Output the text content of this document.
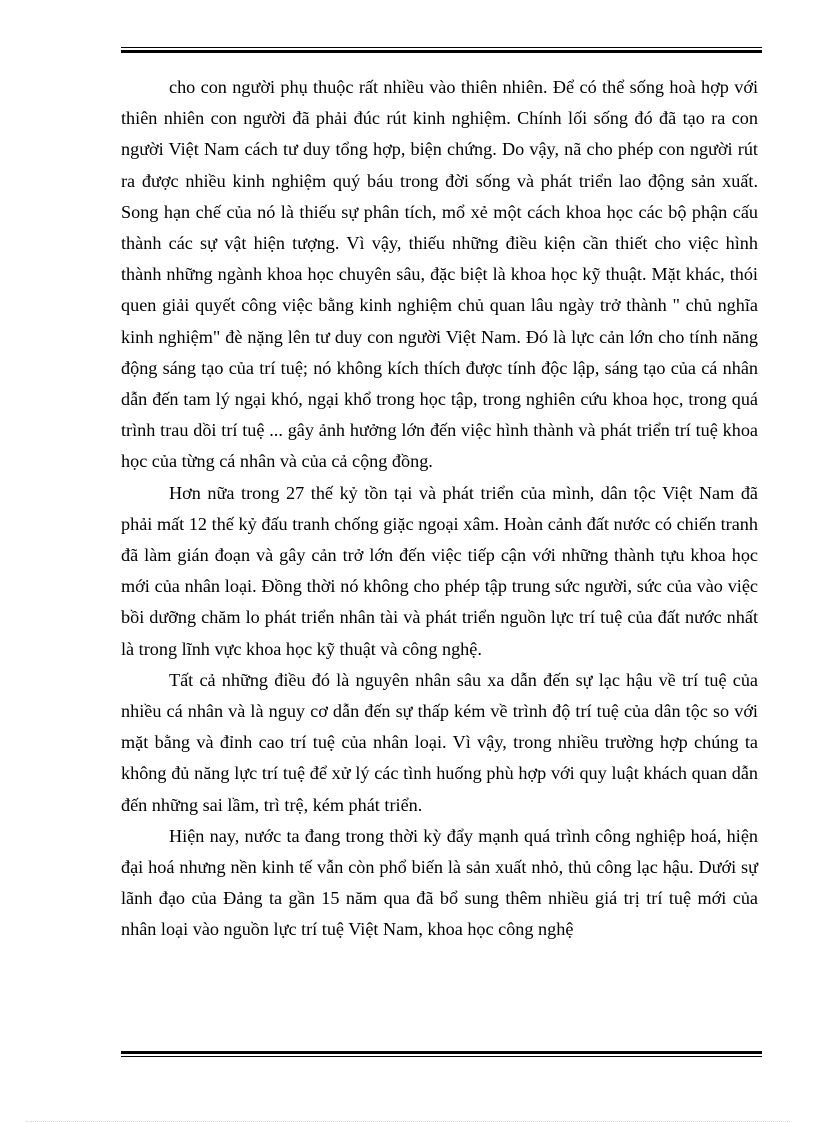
cho con người phụ thuộc rất nhiều vào thiên nhiên. Để có thể sống hoà hợp với thiên nhiên con người đã phải đúc rút kinh nghiệm. Chính lối sống đó đã tạo ra con người Việt Nam cách tư duy tổng hợp, biện chứng. Do vậy, nã cho phép con người rút ra được nhiều kinh nghiệm quý báu trong đời sống và phát triển lao động sản xuất. Song hạn chế của nó là thiếu sự phân tích, mổ xẻ một cách khoa học các bộ phận cấu thành các sự vật hiện tượng. Vì vậy, thiếu những điều kiện cần thiết cho việc hình thành những ngành khoa học chuyên sâu, đặc biệt là khoa học kỹ thuật. Mặt khác, thói quen giải quyết công việc bằng kinh nghiệm chủ quan lâu ngày trở thành " chủ nghĩa kinh nghiệm" đè nặng lên tư duy con người Việt Nam. Đó là lực cản lớn cho tính năng động sáng tạo của trí tuệ; nó không kích thích được tính độc lập, sáng tạo của cá nhân dẫn đến tam lý ngại khó, ngại khổ trong học tập, trong nghiên cứu khoa học, trong quá trình trau dồi trí tuệ ... gây ảnh hưởng lớn đến việc hình thành và phát triển trí tuệ khoa học của từng cá nhân và của cả cộng đồng.

Hơn nữa trong 27 thế kỷ tồn tại và phát triển của mình, dân tộc Việt Nam đã phải mất 12 thế kỷ đấu tranh chống giặc ngoại xâm. Hoàn cảnh đất nước có chiến tranh đã làm gián đoạn và gây cản trở lớn đến việc tiếp cận với những thành tựu khoa học mới của nhân loại. Đồng thời nó không cho phép tập trung sức người, sức của vào việc bồi dưỡng chăm lo phát triển nhân tài và phát triển nguồn lực trí tuệ của đất nước nhất là trong lĩnh vực khoa học kỹ thuật và công nghệ.

Tất cả những điều đó là nguyên nhân sâu xa dẫn đến sự lạc hậu về trí tuệ của nhiều cá nhân và là nguy cơ dẫn đến sự thấp kém về trình độ trí tuệ của dân tộc so với mặt bằng và đỉnh cao trí tuệ của nhân loại. Vì vậy, trong nhiều trường hợp chúng ta không đủ năng lực trí tuệ để xử lý các tình huống phù hợp với quy luật khách quan dẫn đến những sai lầm, trì trệ, kém phát triển.

Hiện nay, nước ta đang trong thời kỳ đẩy mạnh quá trình công nghiệp hoá, hiện đại hoá nhưng nền kinh tế vẫn còn phổ biến là sản xuất nhỏ, thủ công lạc hậu. Dưới sự lãnh đạo của Đảng ta gần 15 năm qua đã bổ sung thêm nhiều giá trị trí tuệ mới của nhân loại vào nguồn lực trí tuệ Việt Nam, khoa học công nghệ
